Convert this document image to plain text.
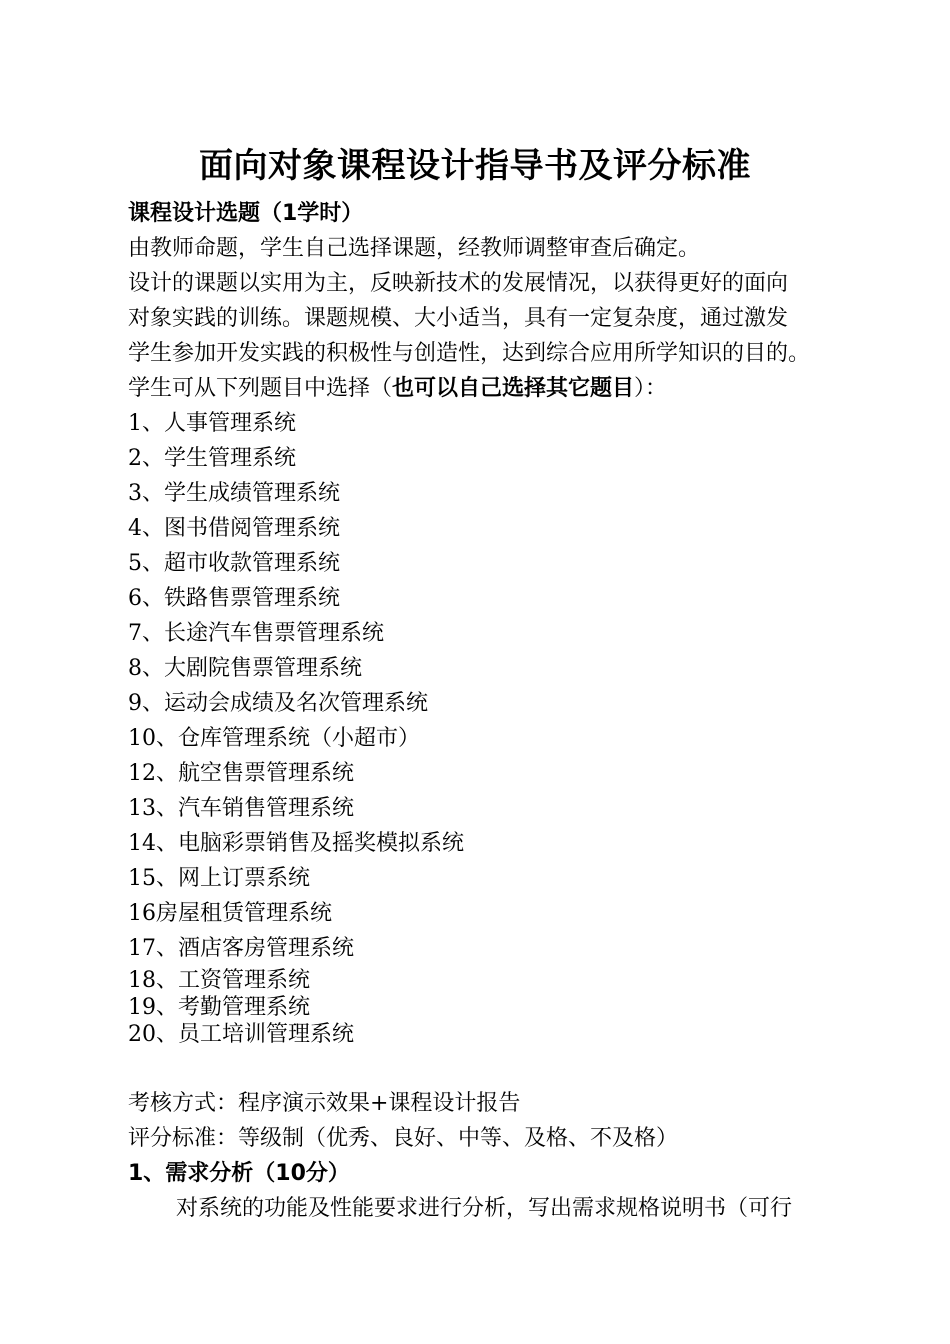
面向对象课程设计指导书及评分标准
课程设计选题（1学时）
由教师命题，学生自己选择课题，经教师调整审查后确定。
设计的课题以实用为主，反映新技术的发展情况，以获得更好的面向
对象实践的训练。课题规模、大小适当，具有一定复杂度，通过激发
学生参加开发实践的积极性与创造性，达到综合应用所学知识的目的。
学生可从下列题目中选择（也可以自己选择其它题目）：
1、人事管理系统
2、学生管理系统
3、学生成绩管理系统
4、图书借阅管理系统
5、超市收款管理系统
6、铁路售票管理系统
7、长途汽车售票管理系统
8、大剧院售票管理系统
9、运动会成绩及名次管理系统
10、仓库管理系统（小超市）
12、航空售票管理系统
13、汽车销售管理系统
14、电脑彩票销售及摇奖模拟系统
15、网上订票系统
16房屋租赁管理系统
17、酒店客房管理系统
18、工资管理系统
19、考勤管理系统
20、员工培训管理系统
考核方式：程序演示效果+课程设计报告
评分标准：等级制（优秀、良好、中等、及格、不及格）
1、需求分析（10分）
对系统的功能及性能要求进行分析，写出需求规格说明书（可行
